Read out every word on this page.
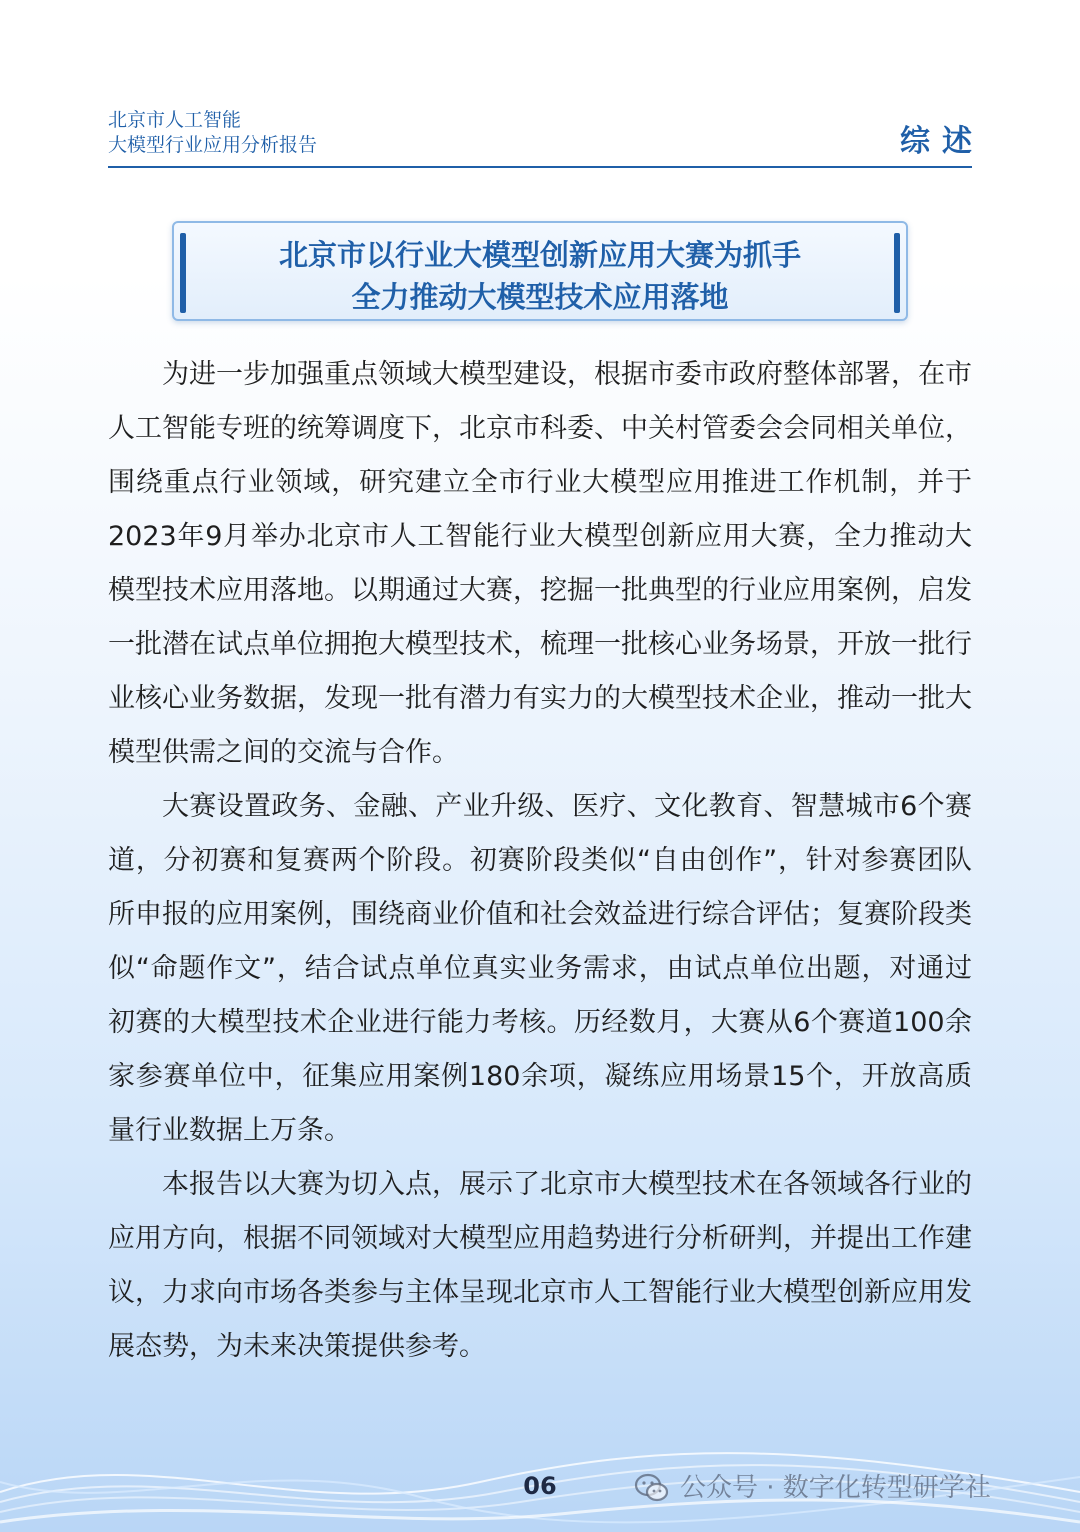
北京市人工智能
大模型行业应用分析报告	综述
北京市以行业大模型创新应用大赛为抓手
全力推动大模型技术应用落地

为进一步加强重点领域大模型建设，根据市委市政府整体部署，在市人工智能专班的统筹调度下，北京市科委、中关村管委会会同相关单位，围绕重点行业领域，研究建立全市行业大模型应用推进工作机制，并于2023年9月举办北京市人工智能行业大模型创新应用大赛，全力推动大模型技术应用落地。以期通过大赛，挖掘一批典型的行业应用案例，启发一批潜在试点单位拥抱大模型技术，梳理一批核心业务场景，开放一批行业核心业务数据，发现一批有潜力有实力的大模型技术企业，推动一批大模型供需之间的交流与合作。

大赛设置政务、金融、产业升级、医疗、文化教育、智慧城市6个赛道，分初赛和复赛两个阶段。初赛阶段类似“自由创作”，针对参赛团队所申报的应用案例，围绕商业价值和社会效益进行综合评估；复赛阶段类似“命题作文”，结合试点单位真实业务需求，由试点单位出题，对通过初赛的大模型技术企业进行能力考核。历经数月，大赛从6个赛道100余家参赛单位中，征集应用案例180余项，凝练应用场景15个，开放高质量行业数据上万条。

本报告以大赛为切入点，展示了北京市大模型技术在各领域各行业的应用方向，根据不同领域对大模型应用趋势进行分析研判，并提出工作建议，力求向市场各类参与主体呈现北京市人工智能行业大模型创新应用发展态势，为未来决策提供参考。

06	公众号 · 数字化转型研学社
